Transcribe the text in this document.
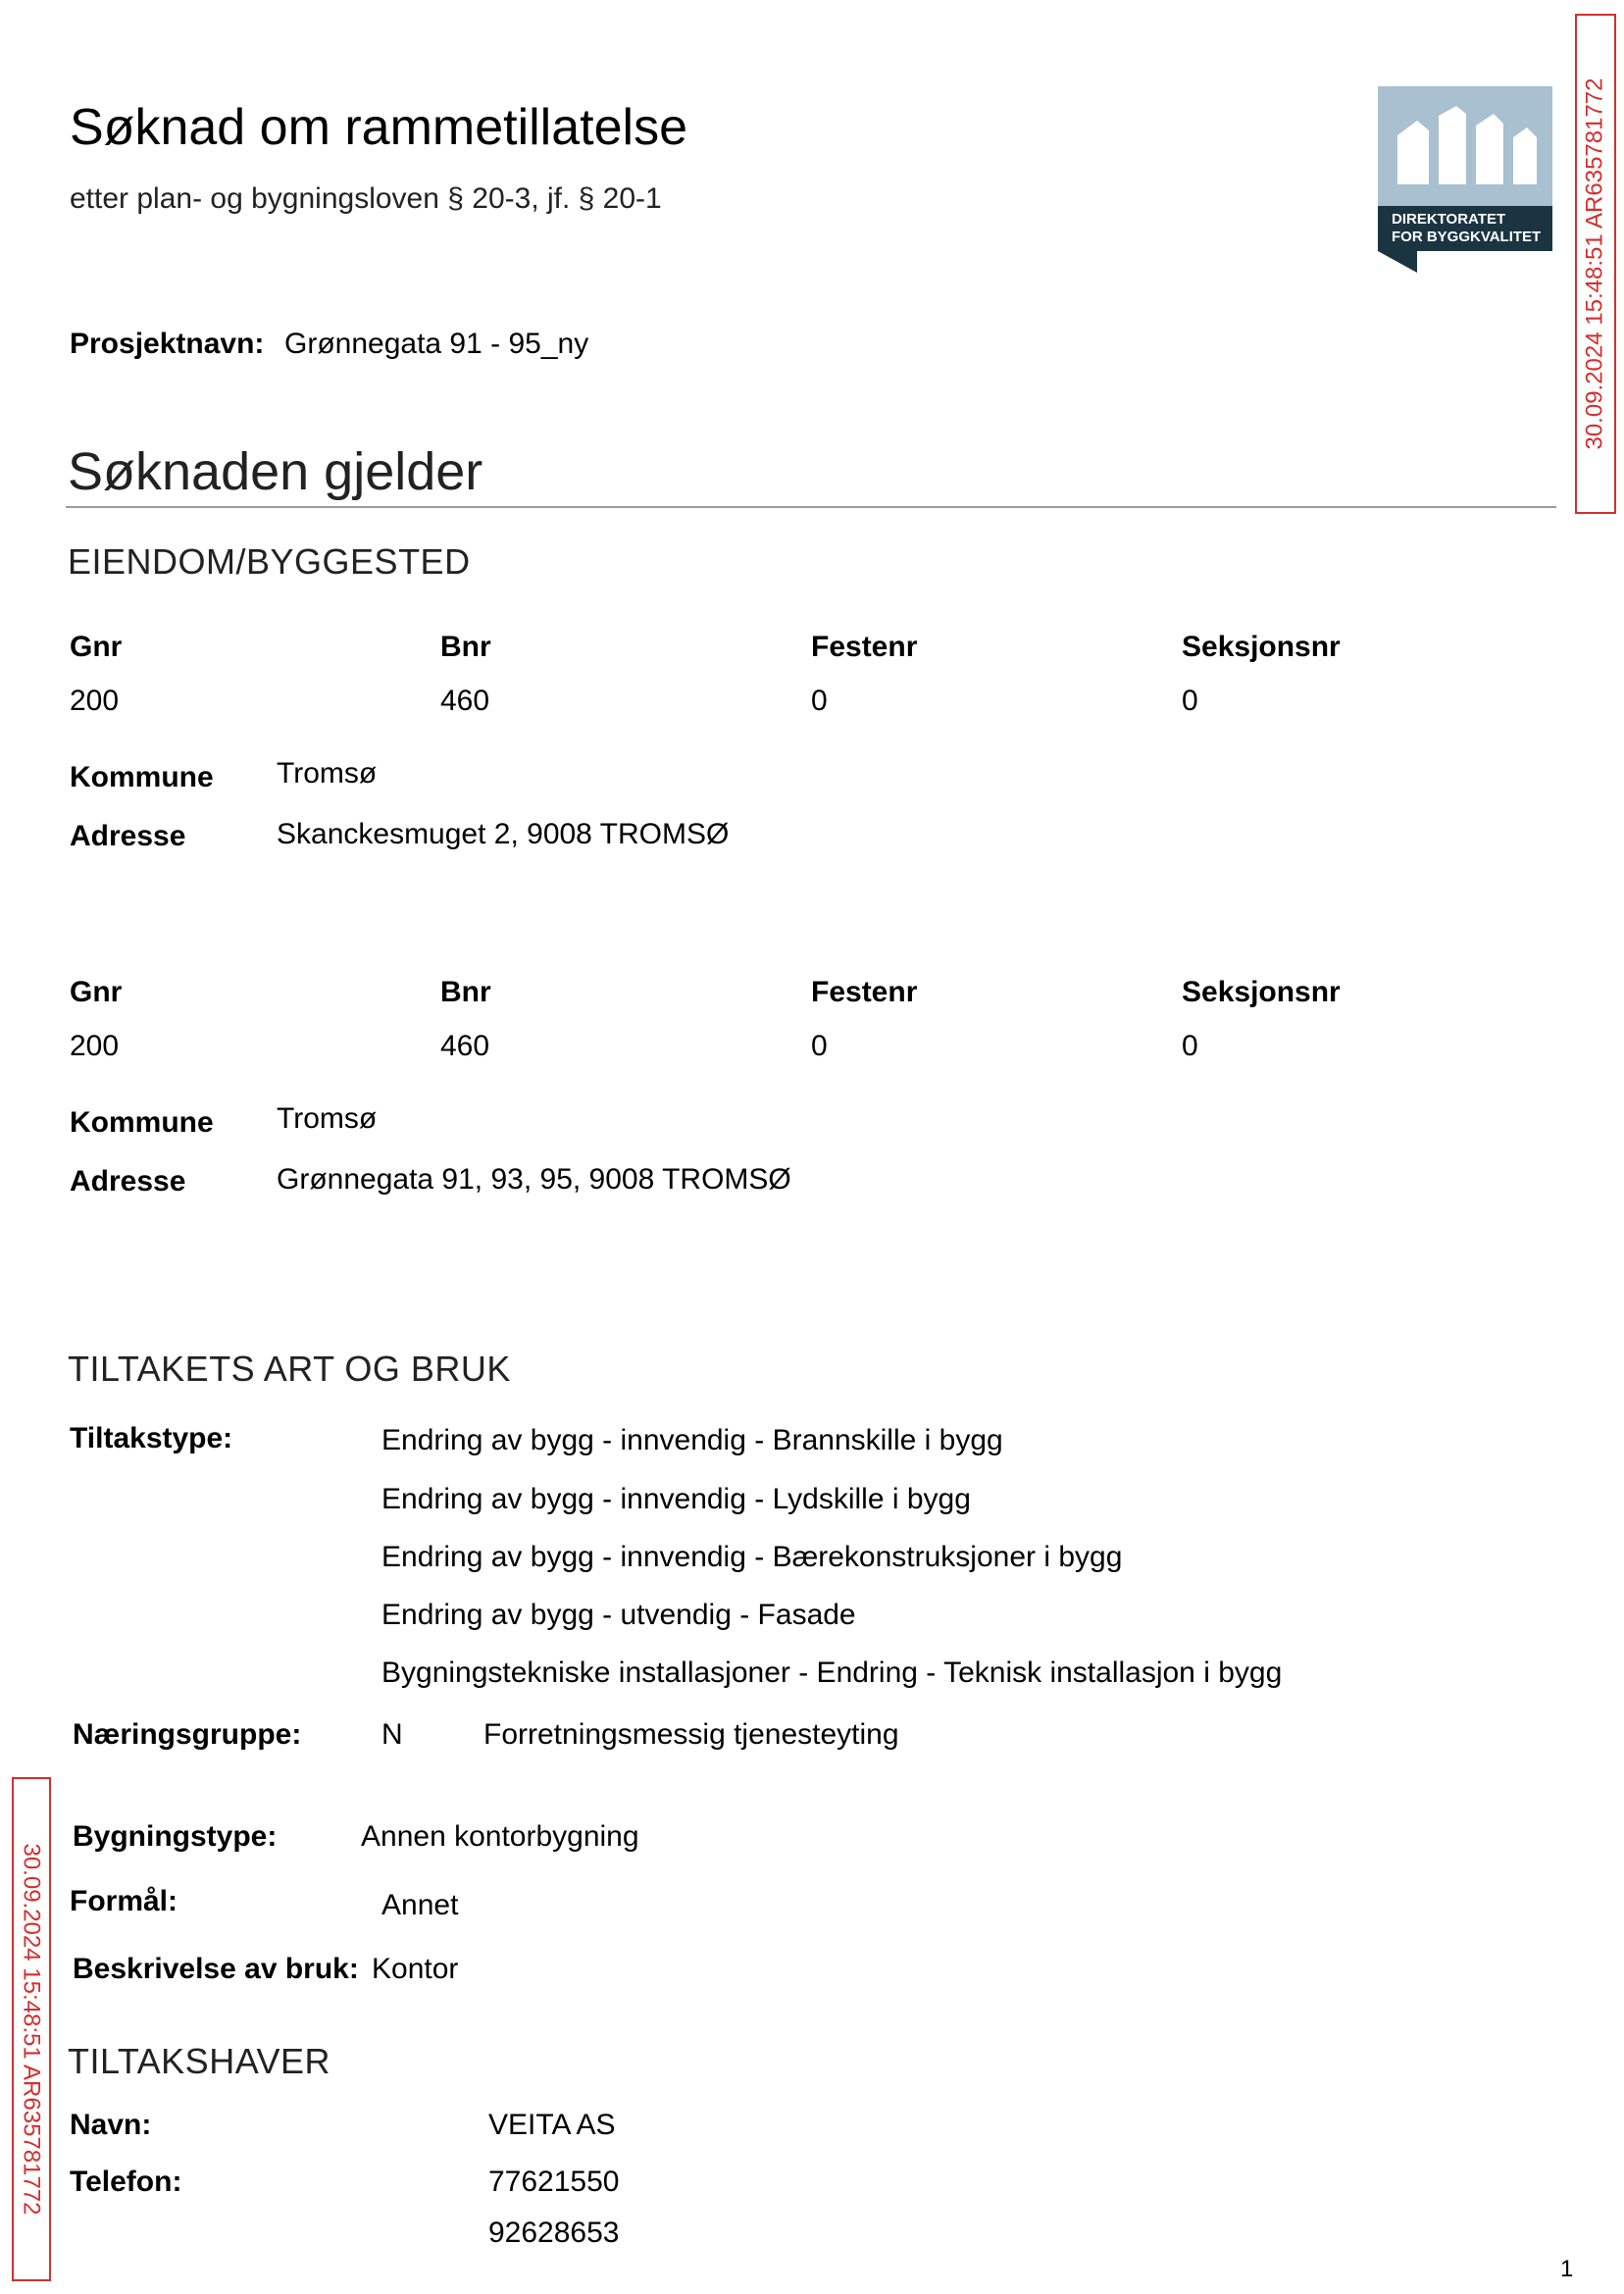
Søknad om rammetillatelse
etter plan- og bygningsloven § 20-3, jf. § 20-1
DIREKTORATET
FOR BYGGKVALITET 30.09.2024 15:48:51 AR635781772
30.09.2024 15:48:51 AR635781772
Prosjektnavn: Grønnegata 91 - 95_ny
Søknaden gjelder
EIENDOM/BYGGESTED
Gnr	Bnr	Festenr	Seksjonsnr
200	460	0	0
Kommune Tromsø
Adresse	Skanckesmuget 2, 9008 TROMSØ
Gnr	Bnr	Festenr	Seksjonsnr
200	460	0	0
Kommune Tromsø
Adresse	Grønnegata 91, 93, 95, 9008 TROMSØ
TILTAKETS ART OG BRUK
Tiltakstype:	Endring av bygg - innvendig - Brannskille i bygg
Endring av bygg - innvendig - Lydskille i bygg
Endring av bygg - innvendig - Bærekonstruksjoner i bygg
Endring av bygg - utvendig - Fasade
Bygningstekniske installasjoner - Endring - Teknisk installasjon i bygg
Næringsgruppe:	N	Forretningsmessig tjenesteyting
Bygningstype:	Annen kontorbygning
Formål:	Annet
Beskrivelse av bruk: Kontor
TILTAKSHAVER
Navn:	VEITA AS
Telefon:	77621550
92628653
1
